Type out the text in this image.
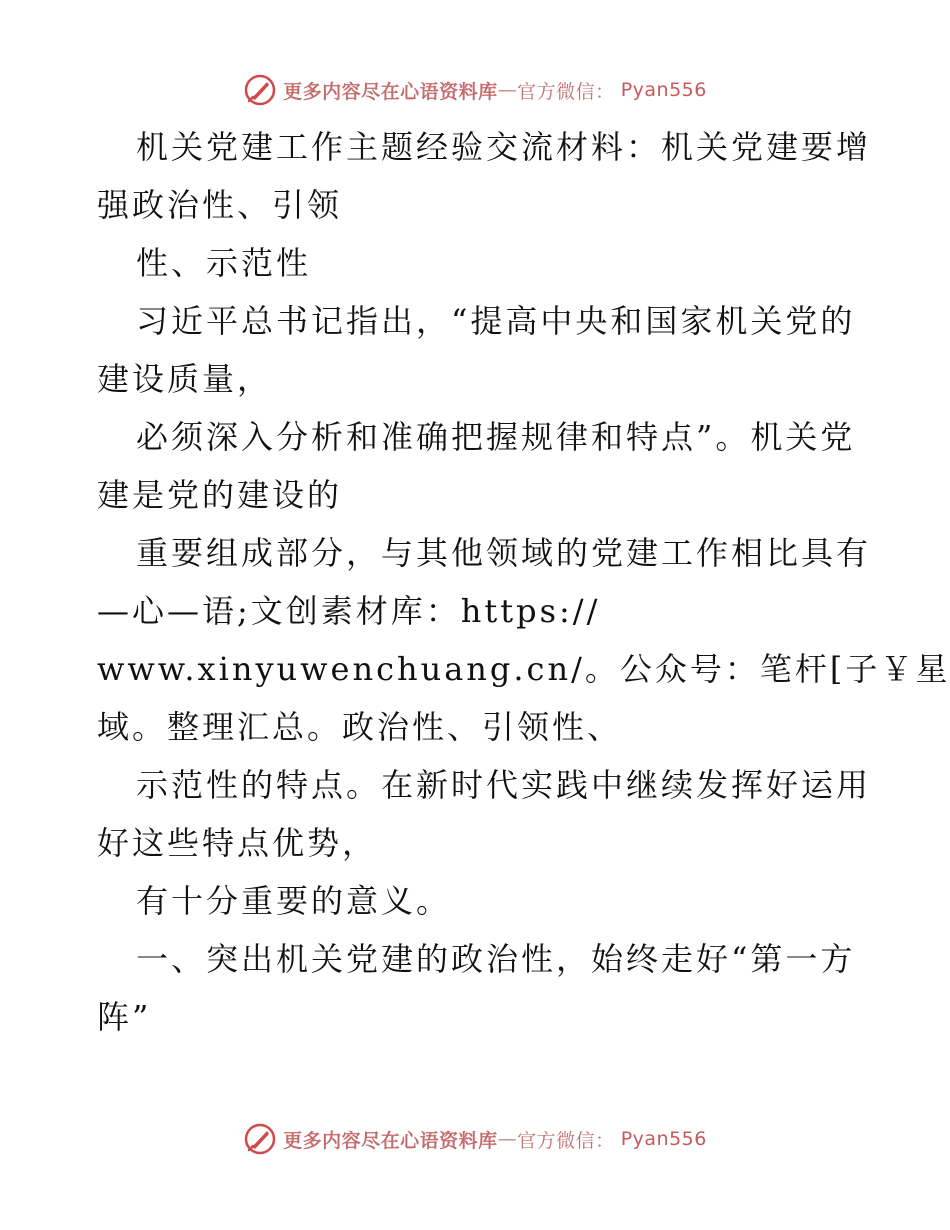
更多内容尽在心语资料库 — 官方微信： Pyan556
机关党建工作主题经验交流材料：机关党建要增
强政治性、引领
性、示范性
习近平总书记指出，“提高中央和国家机关党的
建设质量，
必须深入分析和准确把握规律和特点”。机关党
建是党的建设的
重要组成部分，与其他领域的党建工作相比具有
—心—语;文创素材库：https://
www.xinyuwenchuang.cn/。公众号：笔杆[子￥星
域。整理汇总。政治性、引领性、
示范性的特点。在新时代实践中继续发挥好运用
好这些特点优势，
有十分重要的意义。
一、突出机关党建的政治性，始终走好“第一方
阵”
更多内容尽在心语资料库 — 官方微信： Pyan556
